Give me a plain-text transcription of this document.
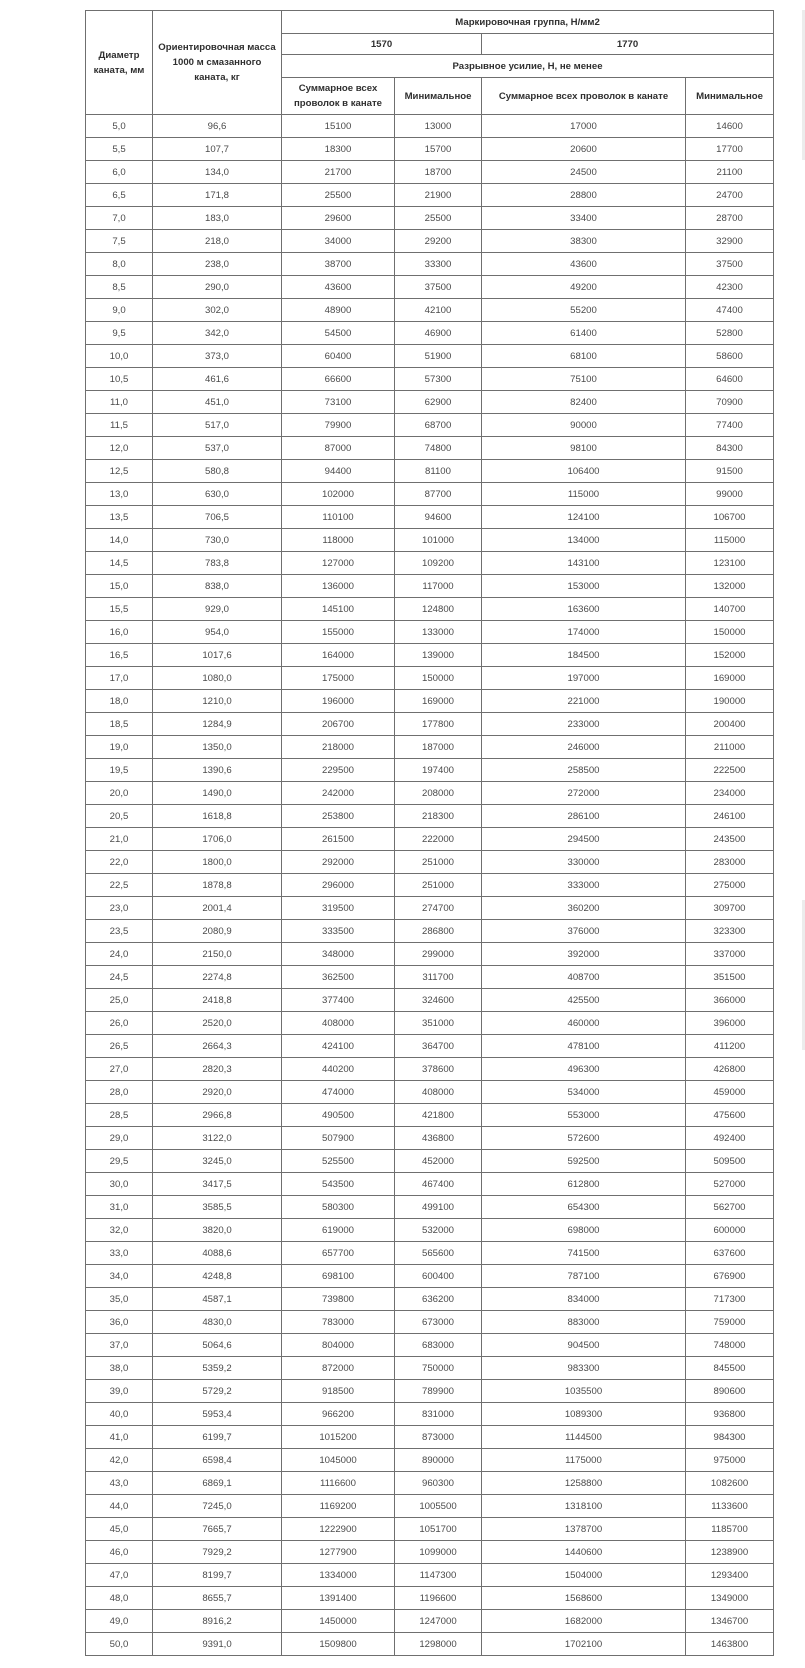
Диаметр каната, мм	Ориентировочная масса 1000 м смазанного каната, кг	Маркировочная группа, Н/мм2			
		1570		1770	
		Разрывное усилие, Н, не менее			
		Суммарное всех проволок в канате	Минимальное	Суммарное всех проволок в канате	Минимальное
5,0	96,6	15100	13000	17000	14600
5,5	107,7	18300	15700	20600	17700
6,0	134,0	21700	18700	24500	21100
6,5	171,8	25500	21900	28800	24700
7,0	183,0	29600	25500	33400	28700
7,5	218,0	34000	29200	38300	32900
8,0	238,0	38700	33300	43600	37500
8,5	290,0	43600	37500	49200	42300
9,0	302,0	48900	42100	55200	47400
9,5	342,0	54500	46900	61400	52800
10,0	373,0	60400	51900	68100	58600
10,5	461,6	66600	57300	75100	64600
11,0	451,0	73100	62900	82400	70900
11,5	517,0	79900	68700	90000	77400
12,0	537,0	87000	74800	98100	84300
12,5	580,8	94400	81100	106400	91500
13,0	630,0	102000	87700	115000	99000
13,5	706,5	110100	94600	124100	106700
14,0	730,0	118000	101000	134000	115000
14,5	783,8	127000	109200	143100	123100
15,0	838,0	136000	117000	153000	132000
15,5	929,0	145100	124800	163600	140700
16,0	954,0	155000	133000	174000	150000
16,5	1017,6	164000	139000	184500	152000
17,0	1080,0	175000	150000	197000	169000
18,0	1210,0	196000	169000	221000	190000
18,5	1284,9	206700	177800	233000	200400
19,0	1350,0	218000	187000	246000	211000
19,5	1390,6	229500	197400	258500	222500
20,0	1490,0	242000	208000	272000	234000
20,5	1618,8	253800	218300	286100	246100
21,0	1706,0	261500	222000	294500	243500
22,0	1800,0	292000	251000	330000	283000
22,5	1878,8	296000	251000	333000	275000
23,0	2001,4	319500	274700	360200	309700
23,5	2080,9	333500	286800	376000	323300
24,0	2150,0	348000	299000	392000	337000
24,5	2274,8	362500	311700	408700	351500
25,0	2418,8	377400	324600	425500	366000
26,0	2520,0	408000	351000	460000	396000
26,5	2664,3	424100	364700	478100	411200
27,0	2820,3	440200	378600	496300	426800
28,0	2920,0	474000	408000	534000	459000
28,5	2966,8	490500	421800	553000	475600
29,0	3122,0	507900	436800	572600	492400
29,5	3245,0	525500	452000	592500	509500
30,0	3417,5	543500	467400	612800	527000
31,0	3585,5	580300	499100	654300	562700
32,0	3820,0	619000	532000	698000	600000
33,0	4088,6	657700	565600	741500	637600
34,0	4248,8	698100	600400	787100	676900
35,0	4587,1	739800	636200	834000	717300
36,0	4830,0	783000	673000	883000	759000
37,0	5064,6	804000	683000	904500	748000
38,0	5359,2	872000	750000	983300	845500
39,0	5729,2	918500	789900	1035500	890600
40,0	5953,4	966200	831000	1089300	936800
41,0	6199,7	1015200	873000	1144500	984300
42,0	6598,4	1045000	890000	1175000	975000
43,0	6869,1	1116600	960300	1258800	1082600
44,0	7245,0	1169200	1005500	1318100	1133600
45,0	7665,7	1222900	1051700	1378700	1185700
46,0	7929,2	1277900	1099000	1440600	1238900
47,0	8199,7	1334000	1147300	1504000	1293400
48,0	8655,7	1391400	1196600	1568600	1349000
49,0	8916,2	1450000	1247000	1682000	1346700
50,0	9391,0	1509800	1298000	1702100	1463800
